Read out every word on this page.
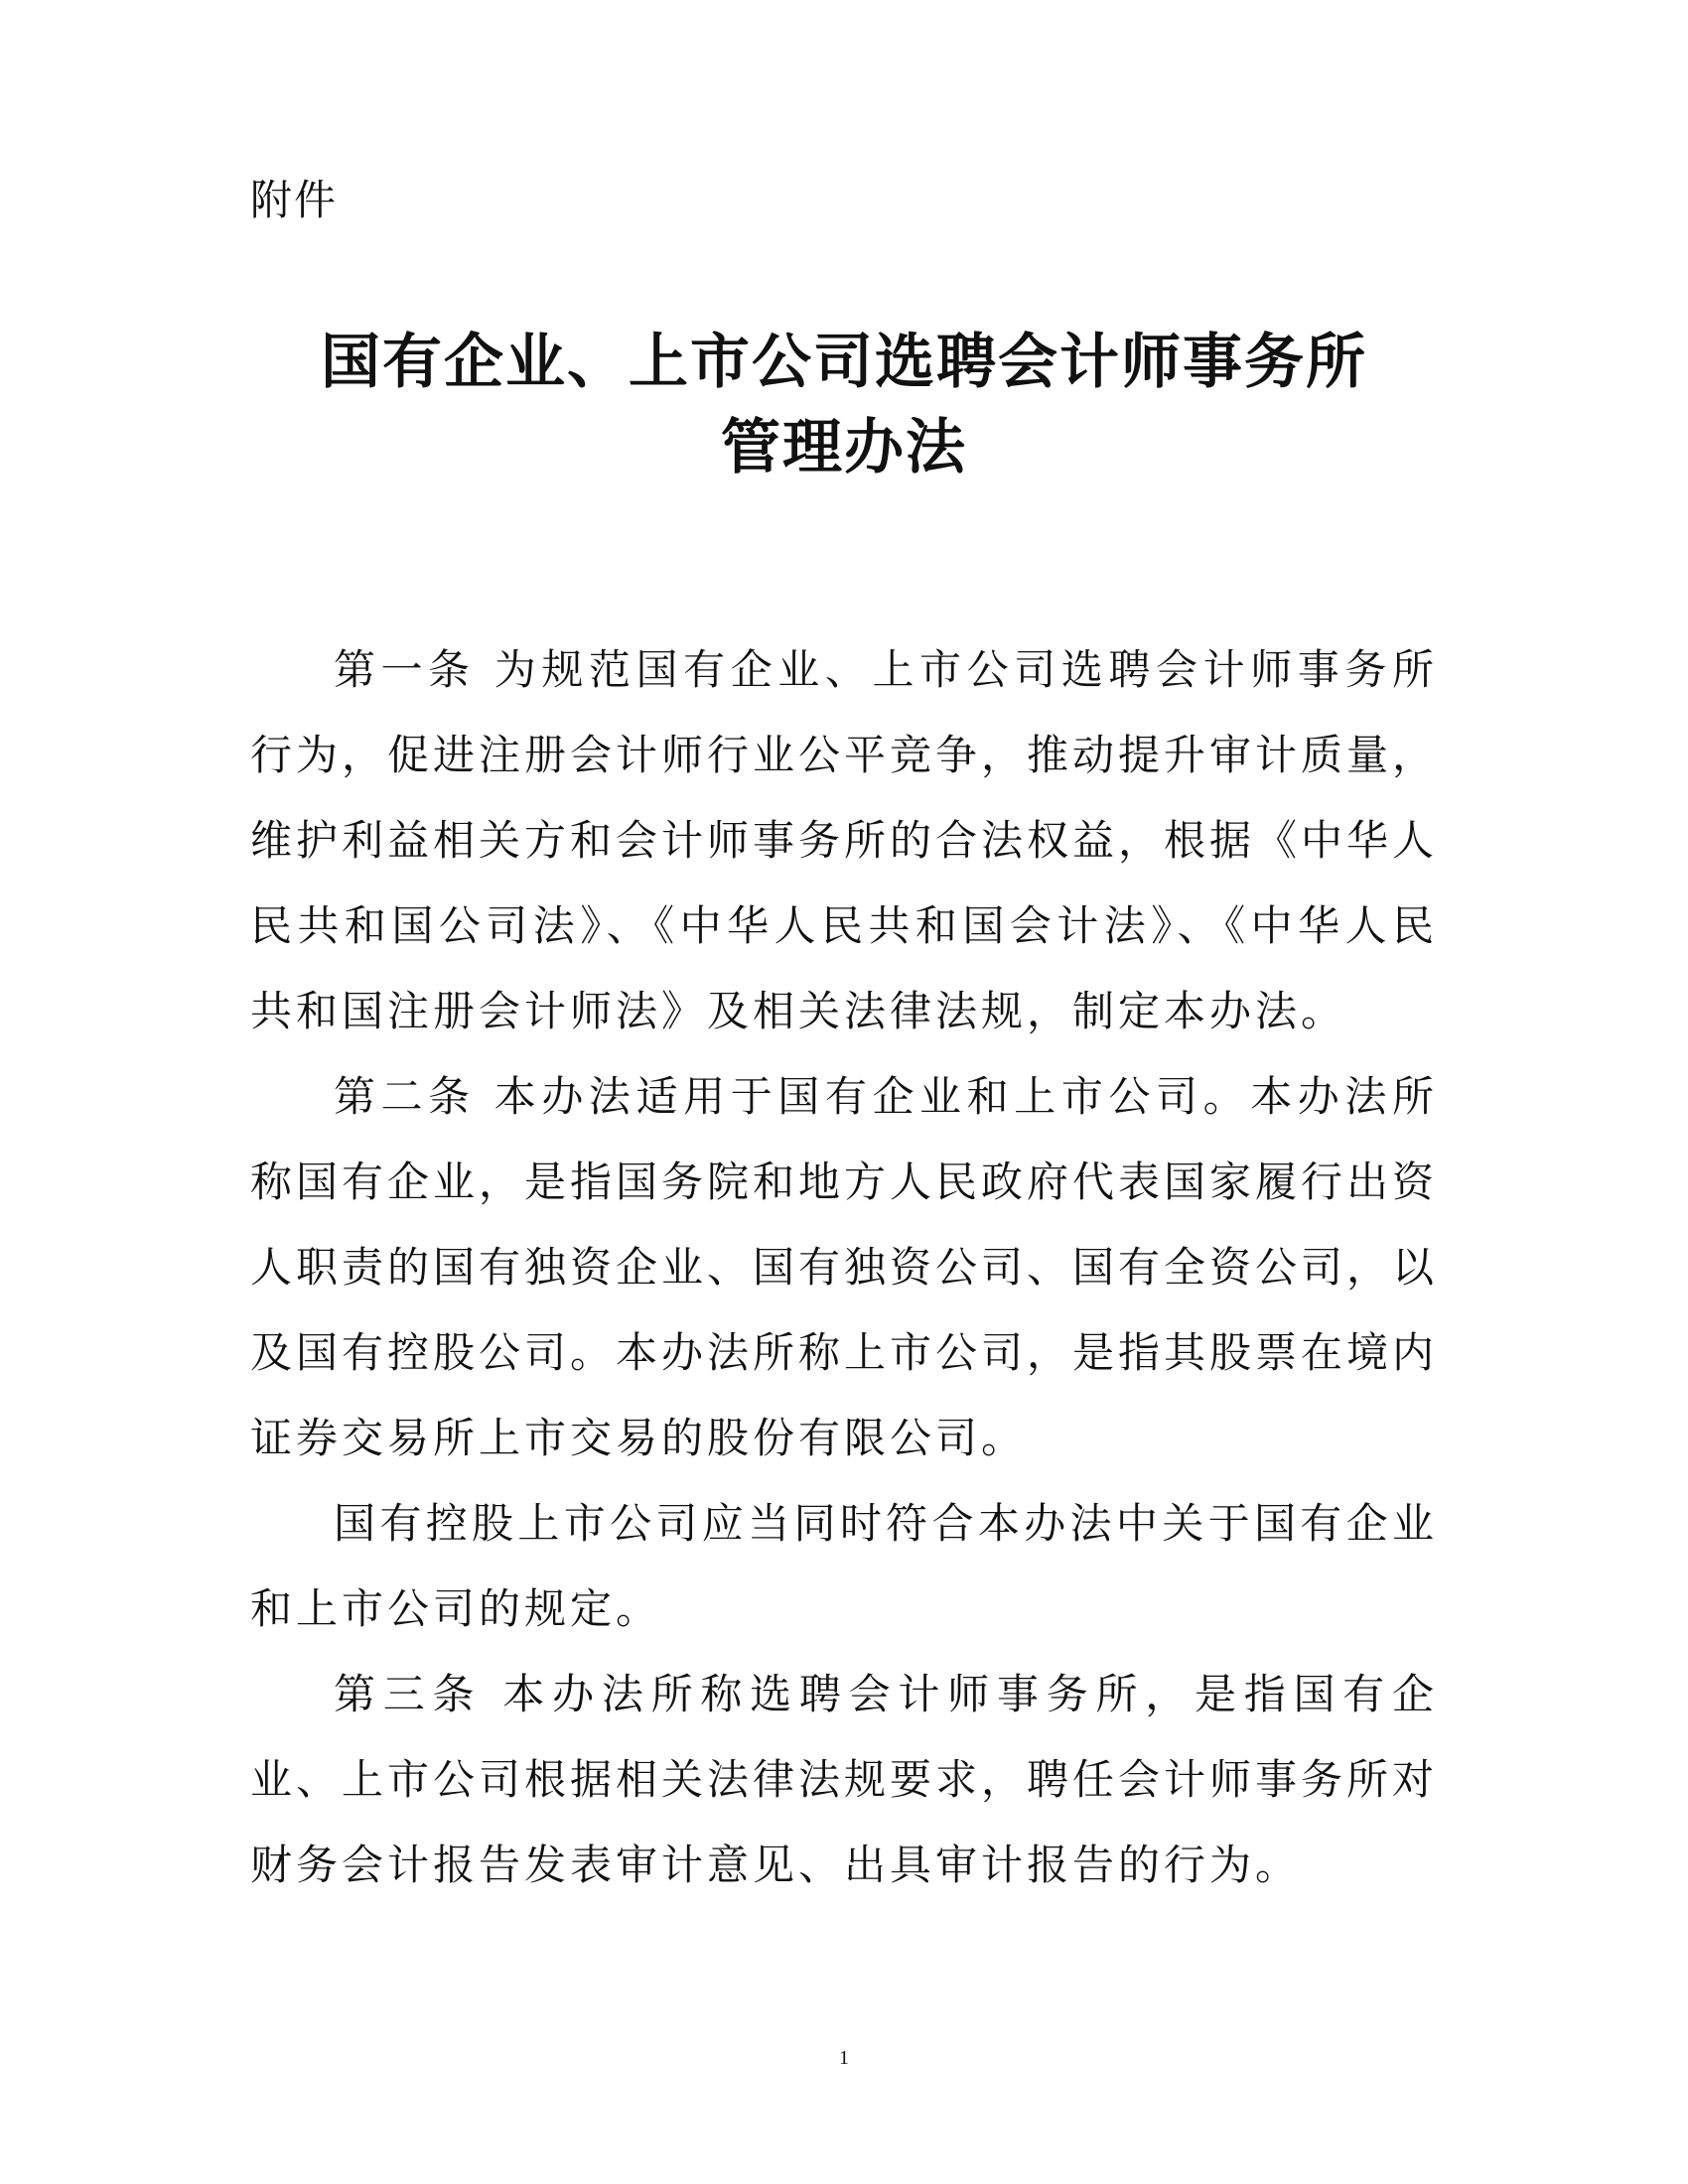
附件
国有企业、上市公司选聘会计师事务所
管理办法

第一条 为规范国有企业、上市公司选聘会计师事务所行为，促进注册会计师行业公平竞争，推动提升审计质量，维护利益相关方和会计师事务所的合法权益，根据《中华人民共和国公司法》、《中华人民共和国会计法》、《中华人民共和国注册会计师法》及相关法律法规，制定本办法。

第二条 本办法适用于国有企业和上市公司。本办法所称国有企业，是指国务院和地方人民政府代表国家履行出资人职责的国有独资企业、国有独资公司、国有全资公司，以及国有控股公司。本办法所称上市公司，是指其股票在境内证券交易所上市交易的股份有限公司。

国有控股上市公司应当同时符合本办法中关于国有企业和上市公司的规定。

第三条 本办法所称选聘会计师事务所，是指国有企业、上市公司根据相关法律法规要求，聘任会计师事务所对财务会计报告发表审计意见、出具审计报告的行为。

1
